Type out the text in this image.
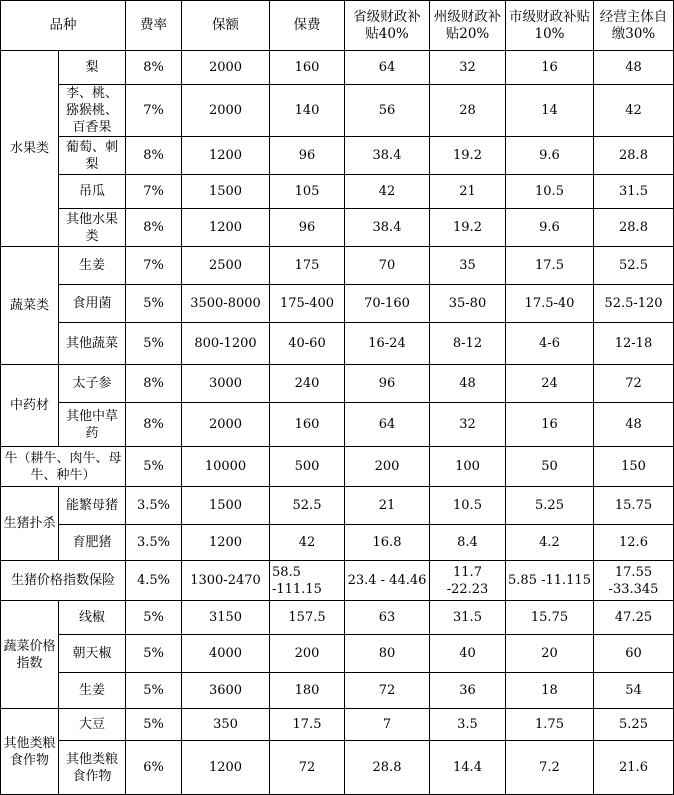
品种		费率	保额	保费	省级财政补贴40%	州级财政补贴20%	市级财政补贴10%	经营主体自缴30%
水果类	梨	8%	2000	160	64	32	16	48
	李、桃、猕猴桃、百香果	7%	2000	140	56	28	14	42
	葡萄、刺梨	8%	1200	96	38.4	19.2	9.6	28.8
	吊瓜	7%	1500	105	42	21	10.5	31.5
	其他水果类	8%	1200	96	38.4	19.2	9.6	28.8
蔬菜类	生姜	7%	2500	175	70	35	17.5	52.5
	食用菌	5%	3500-8000	175-400	70-160	35-80	17.5-40	52.5-120
	其他蔬菜	5%	800-1200	40-60	16-24	8-12	4-6	12-18
中药材	太子参	8%	3000	240	96	48	24	72
	其他中草药	8%	2000	160	64	32	16	48
牛（耕牛、肉牛、母牛、种牛）		5%	10000	500	200	100	50	150
生猪扑杀	能繁母猪	3.5%	1500	52.5	21	10.5	5.25	15.75
	育肥猪	3.5%	1200	42	16.8	8.4	4.2	12.6
生猪价格指数保险		4.5%	1300-2470	58.5 -111.15	23.4 - 44.46	11.7 -22.23	5.85 -11.115	17.55 -33.345
蔬菜价格指数	线椒	5%	3150	157.5	63	31.5	15.75	47.25
	朝天椒	5%	4000	200	80	40	20	60
	生姜	5%	3600	180	72	36	18	54
其他类粮食作物	大豆	5%	350	17.5	7	3.5	1.75	5.25
	其他类粮食作物	6%	1200	72	28.8	14.4	7.2	21.6
